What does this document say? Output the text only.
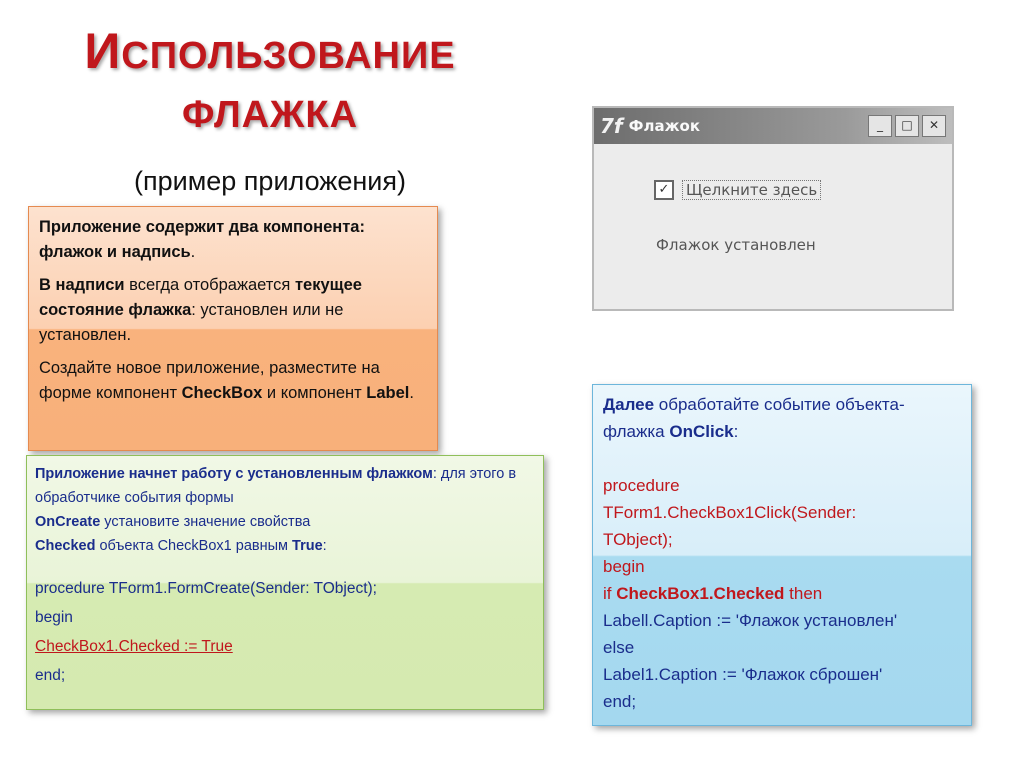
ИСПОЛЬЗОВАНИЕ
ФЛАЖКА
(пример приложения)
7f Флажок	_	□	✕
✓	Щелкните здесь
Флажок установлен

Приложение содержит два компонента: флажок и надпись.

В надписи всегда отображается текущее состояние флажка: установлен или не установлен.

Создайте новое приложение, разместите на форме компонент CheckBox и компонент Label.

Приложение начнет работу с установленным флажком: для этого в обработчике события формы
OnCreate установите значение свойства
Checked объекта CheckBox1 равным True:
procedure TForm1.FormCreate(Sender: TObject);
begin
CheckBox1.Checked := True
end;
Далее обработайте событие объекта-флажка OnClick:
procedure
TForm1.CheckBox1Click(Sender:
TObject);
begin
if CheckBox1.Checked then
Labell.Caption := 'Флажок установлен'
else
Label1.Caption := 'Флажок сброшен'
end;
